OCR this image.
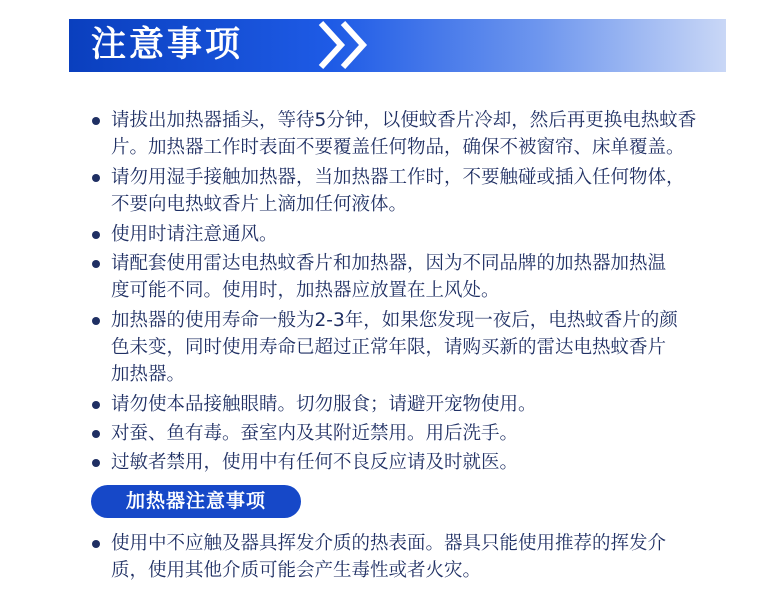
注意事项
请拔出加热器插头，等待5分钟，以便蚊香片冷却，然后再更换电热蚊香
片。加热器工作时表面不要覆盖任何物品，确保不被窗帘、床单覆盖。
请勿用湿手接触加热器，当加热器工作时，不要触碰或插入任何物体，
不要向电热蚊香片上滴加任何液体。
使用时请注意通风。
请配套使用雷达电热蚊香片和加热器，因为不同品牌的加热器加热温
度可能不同。使用时，加热器应放置在上风处。
加热器的使用寿命一般为2-3年，如果您发现一夜后，电热蚊香片的颜
色未变，同时使用寿命已超过正常年限，请购买新的雷达电热蚊香片
加热器。
请勿使本品接触眼睛。切勿服食；请避开宠物使用。
对蚕、鱼有毒。蚕室内及其附近禁用。用后洗手。
过敏者禁用，使用中有任何不良反应请及时就医。
加热器注意事项
使用中不应触及器具挥发介质的热表面。器具只能使用推荐的挥发介
质，使用其他介质可能会产生毒性或者火灾。
